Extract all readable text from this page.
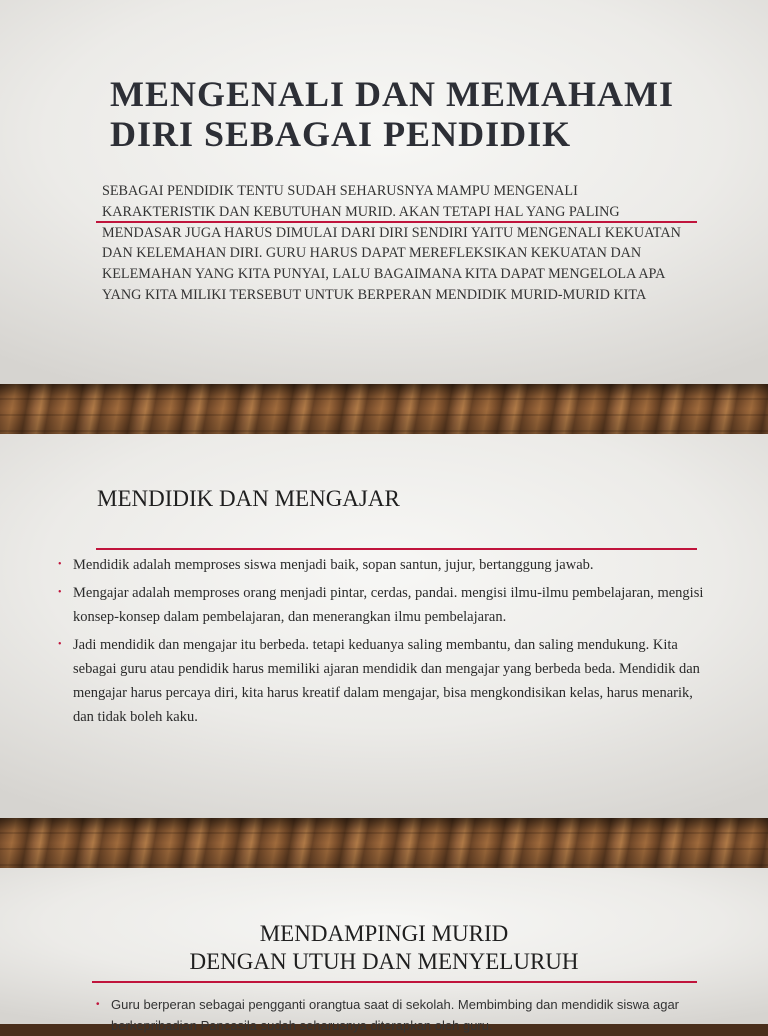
MENGENALI DAN MEMAHAMI
DIRI SEBAGAI PENDIDIK

SEBAGAI PENDIDIK TENTU SUDAH SEHARUSNYA MAMPU MENGENALI KARAKTERISTIK DAN KEBUTUHAN MURID. AKAN TETAPI HAL YANG PALING MENDASAR JUGA HARUS DIMULAI DARI DIRI SENDIRI YAITU MENGENALI KEKUATAN DAN KELEMAHAN DIRI. GURU HARUS DAPAT MEREFLEKSIKAN KEKUATAN DAN KELEMAHAN YANG KITA PUNYAI, LALU BAGAIMANA KITA DAPAT MENGELOLA APA YANG KITA MILIKI TERSEBUT UNTUK BERPERAN MENDIDIK MURID-MURID KITA

MENDIDIK DAN MENGAJAR
• Mendidik adalah memproses siswa menjadi baik, sopan santun, jujur, bertanggung jawab.
• Mengajar adalah memproses orang menjadi pintar, cerdas, pandai. mengisi ilmu-ilmu pembelajaran, mengisi konsep-konsep dalam pembelajaran, dan menerangkan ilmu pembelajaran.
• Jadi mendidik dan mengajar itu berbeda. tetapi keduanya saling membantu, dan saling mendukung. Kita sebagai guru atau pendidik harus memiliki ajaran mendidik dan mengajar yang berbeda beda. Mendidik dan mengajar harus percaya diri, kita harus kreatif dalam mengajar, bisa mengkondisikan kelas, harus menarik, dan tidak boleh kaku.
MENDAMPINGI MURID
DENGAN UTUH DAN MENYELURUH
• Guru berperan sebagai pengganti orangtua saat di sekolah. Membimbing dan mendidik siswa agar berkepribadian Pancasila sudah seharusnya diterapkan oleh guru.
